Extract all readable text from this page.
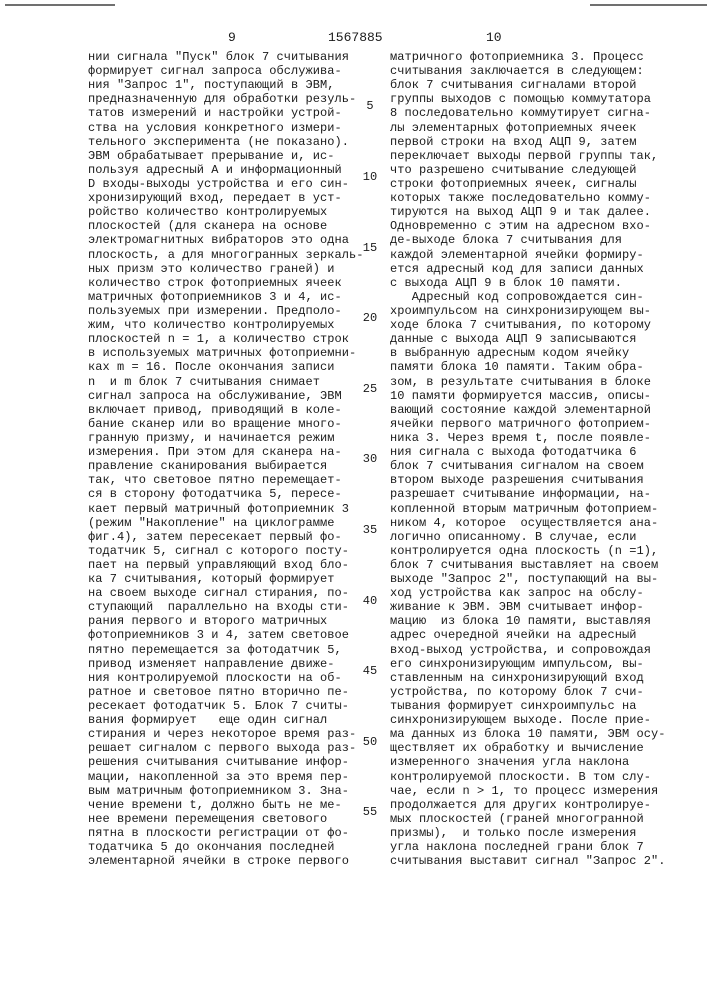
9	1567885	10
нии сигнала "Пуск" блок 7 считывания
формирует сигнал запроса обслужива-
ния "Запрос 1", поступающий в ЭВМ,
предназначенную для обработки резуль-
татов измерений и настройки устрой-
ства на условия конкретного измери-
тельного эксперимента (не показано).
ЭВМ обрабатывает прерывание и, ис-
пользуя адресный A и информационный
D входы-выходы устройства и его син-
хронизирующий вход, передает в уст-
ройство количество контролируемых
плоскостей (для сканера на основе
электромагнитных вибраторов это одна
плоскость, а для многогранных зеркаль-
ных призм это количество граней) и
количество строк фотоприемных ячеек
матричных фотоприемников 3 и 4, ис-
пользуемых при измерении. Предполо-
жим, что количество контролируемых
плоскостей n = 1, а количество строк
в используемых матричных фотоприемни-
ках m = 16. После окончания записи
n  и m блок 7 считывания снимает
сигнал запроса на обслуживание, ЭВМ
включает привод, приводящий в коле-
бание сканер или во вращение много-
гранную призму, и начинается режим
измерения. При этом для сканера на-
правление сканирования выбирается
так, что световое пятно перемещает-
ся в сторону фотодатчика 5, пересе-
кает первый матричный фотоприемник 3
(режим "Накопление" на циклограмме
фиг.4), затем пересекает первый фо-
тодатчик 5, сигнал с которого посту-
пает на первый управляющий вход бло-
ка 7 считывания, который формирует
на своем выходе сигнал стирания, по-
ступающий  параллельно на входы сти-
рания первого и второго матричных
фотоприемников 3 и 4, затем световое
пятно перемещается за фотодатчик 5,
привод изменяет направление движе-
ния контролируемой плоскости на об-
ратное и световое пятно вторично пе-
ресекает фотодатчик 5. Блок 7 считы-
вания формирует   еще один сигнал
стирания и через некоторое время раз-
решает сигналом с первого выхода раз-
решения считывания считывание инфор-
мации, накопленной за это время пер-
вым матричным фотоприемником 3. Зна-
чение времени t, должно быть не ме-
нее времени перемещения светового
пятна в плоскости регистрации от фо-
тодатчика 5 до окончания последней
элементарной ячейки в строке первого
матричного фотоприемника 3. Процесс
считывания заключается в следующем:
блок 7 считывания сигналами второй
группы выходов с помощью коммутатора
8 последовательно коммутирует сигна-
лы элементарных фотоприемных ячеек
первой строки на вход АЦП 9, затем
переключает выходы первой группы так,
что разрешено считывание следующей
строки фотоприемных ячеек, сигналы
которых также последовательно комму-
тируются на выход АЦП 9 и так далее.
Одновременно с этим на адресном вхо-
де-выходе блока 7 считывания для
каждой элементарной ячейки формиру-
ется адресный код для записи данных
с выхода АЦП 9 в блок 10 памяти.
Адресный код сопровождается син-
хроимпульсом на синхронизирующем вы-
ходе блока 7 считывания, по которому
данные с выхода АЦП 9 записываются
в выбранную адресным кодом ячейку
памяти блока 10 памяти. Таким обра-
зом, в результате считывания в блоке
10 памяти формируется массив, описы-
вающий состояние каждой элементарной
ячейки первого матричного фотоприем-
ника 3. Через время t, после появле-
ния сигнала с выхода фотодатчика 6
блок 7 считывания сигналом на своем
втором выходе разрешения считывания
разрешает считывание информации, на-
копленной вторым матричным фотоприем-
ником 4, которое  осуществляется ана-
логично описанному. В случае, если
контролируется одна плоскость (n =1),
блок 7 считывания выставляет на своем
выходе "Запрос 2", поступающий на вы-
ход устройства как запрос на обслу-
живание к ЭВМ. ЭВМ считывает инфор-
мацию  из блока 10 памяти, выставляя
адрес очередной ячейки на адресный
вход-выход устройства, и сопровождая
его синхронизирующим импульсом, вы-
ставленным на синхронизирующий вход
устройства, по которому блок 7 счи-
тывания формирует синхроимпульс на
синхронизирующем выходе. После прие-
ма данных из блока 10 памяти, ЭВМ осу-
ществляет их обработку и вычисление
измеренного значения угла наклона
контролируемой плоскости. В том слу-
чае, если n > 1, то процесс измерения
продолжается для других контролируе-
мых плоскостей (граней многогранной
призмы),  и только после измерения
угла наклона последней грани блок 7
считывания выставит сигнал "Запрос 2".
5
10
15
20
25
30
35
40
45
50
55
